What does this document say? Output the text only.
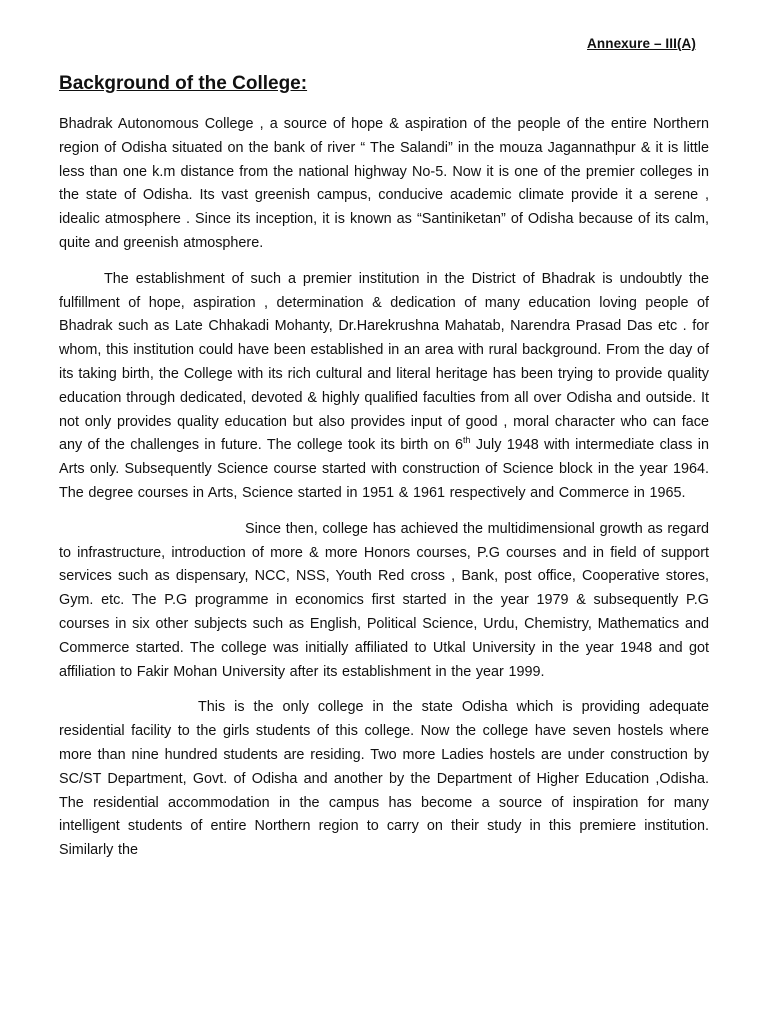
Annexure – III(A)
Background of the College:

Bhadrak Autonomous College , a source of hope & aspiration of the people of the entire Northern region of Odisha situated on the bank of river “ The Salandi” in the mouza Jagannathpur & it is little less than one k.m distance from the national highway No-5. Now it is one of the premier colleges in the state of Odisha. Its vast greenish campus, conducive academic climate provide it a serene , idealic atmosphere . Since its inception, it is known as “Santiniketan” of Odisha because of its calm, quite and greenish atmosphere.

The establishment of such a premier institution in the District of Bhadrak is undoubtly the fulfillment of hope, aspiration , determination & dedication of many education loving people of Bhadrak such as Late Chhakadi Mohanty, Dr.Harekrushna Mahatab, Narendra Prasad Das etc . for whom, this institution could have been established in an area with rural background. From the day of its taking birth, the College with its rich cultural and literal heritage has been trying to provide quality education through dedicated, devoted & highly qualified faculties from all over Odisha and outside. It not only provides quality education but also provides input of good , moral character who can face any of the challenges in future. The college took its birth on 6th July 1948 with intermediate class in Arts only. Subsequently Science course started with construction of Science block in the year 1964. The degree courses in Arts, Science started in 1951 & 1961 respectively and Commerce in 1965.

Since then, college has achieved the multidimensional growth as regard to infrastructure, introduction of more & more Honors courses, P.G courses and in field of support services such as dispensary, NCC, NSS, Youth Red cross , Bank, post office, Cooperative stores, Gym. etc. The P.G programme in economics first started in the year 1979 & subsequently P.G courses in six other subjects such as English, Political Science, Urdu, Chemistry, Mathematics and Commerce started. The college was initially affiliated to Utkal University in the year 1948 and got affiliation to Fakir Mohan University after its establishment in the year 1999.

This is the only college in the state Odisha which is providing adequate residential facility to the girls students of this college. Now the college have seven hostels where more than nine hundred students are residing. Two more Ladies hostels are under construction by SC/ST Department, Govt. of Odisha and another by the Department of Higher Education ,Odisha. The residential accommodation in the campus has become a source of inspiration for many intelligent students of entire Northern region to carry on their study in this premiere institution. Similarly the
